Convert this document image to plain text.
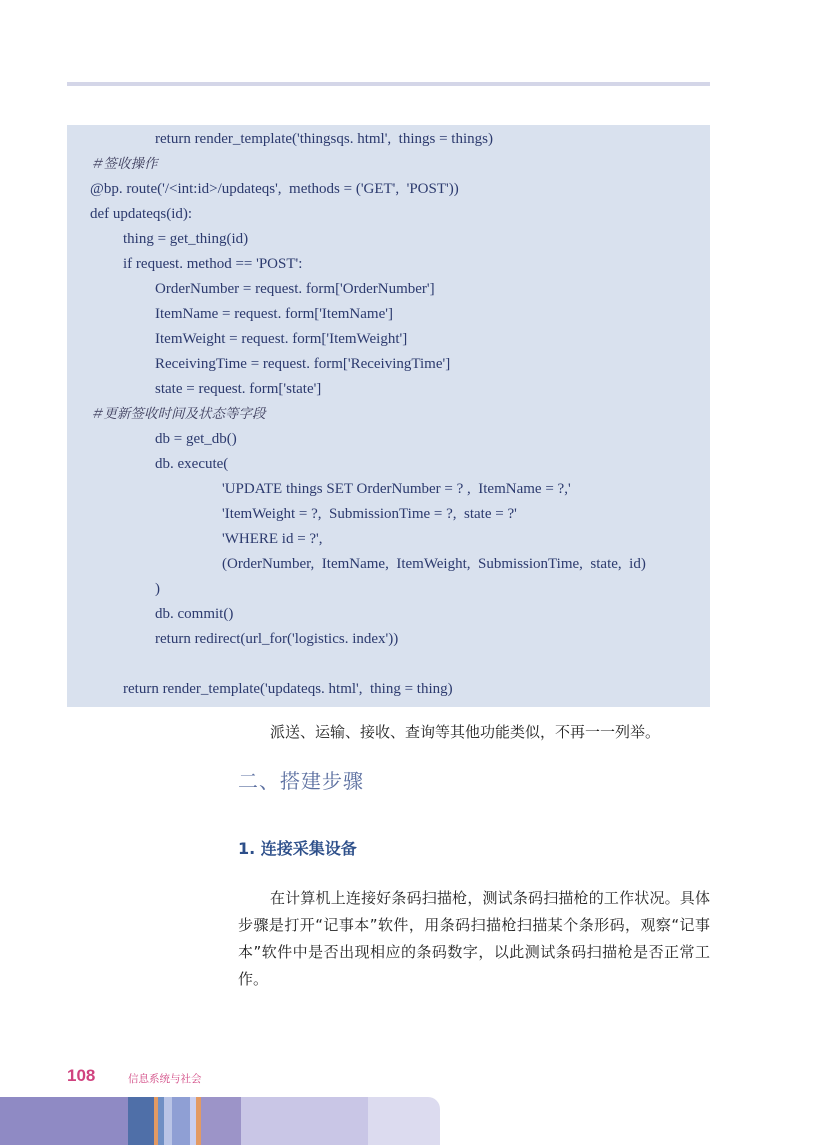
return render_template('thingsqs. html',  things = things)
＃签收操作
@bp. route('/<int:id>/updateqs',  methods = ('GET',  'POST'))
def updateqs(id):
thing = get_thing(id)
if request. method == 'POST':
OrderNumber = request. form['OrderNumber']
ItemName = request. form['ItemName']
ItemWeight = request. form['ItemWeight']
ReceivingTime = request. form['ReceivingTime']
state = request. form['state']
＃更新签收时间及状态等字段
db = get_db()
db. execute(
'UPDATE things SET OrderNumber = ? ,  ItemName = ?,'
'ItemWeight = ?,  SubmissionTime = ?,  state = ?'
'WHERE id = ?',
(OrderNumber,  ItemName,  ItemWeight,  SubmissionTime,  state,  id)
)
db. commit()
return redirect(url_for('logistics. index'))
return render_template('updateqs. html',  thing = thing)
派送、运输、接收、查询等其他功能类似，不再一一列举。
二、搭建步骤
1. 连接采集设备
在计算机上连接好条码扫描枪，测试条码扫描枪的工作状况。具体步骤是打开“记事本”软件，用条码扫描枪扫描某个条形码，观察“记事本”软件中是否出现相应的条码数字，以此测试条码扫描枪是否正常工作。
108	信息系统与社会
